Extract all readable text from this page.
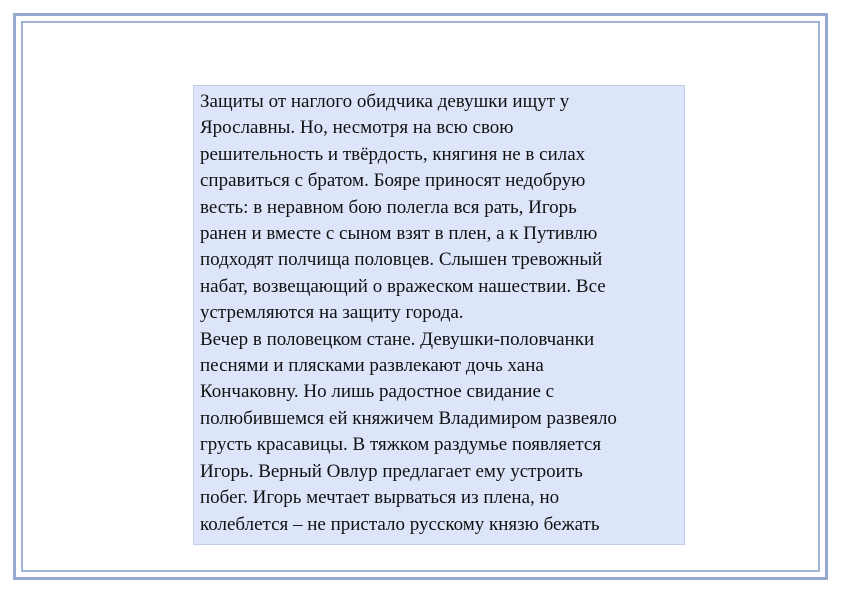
Защиты от наглого обидчика девушки ищут у
Ярославны. Но, несмотря на всю свою
решительность и твёрдость, княгиня не в силах
справиться с братом. Бояре приносят недобрую
весть: в неравном бою полегла вся рать, Игорь
ранен и вместе с сыном взят в плен, а к Путивлю
подходят полчища половцев. Слышен тревожный
набат, возвещающий о вражеском нашествии. Все
устремляются на защиту города.

Вечер в половецком стане. Девушки-половчанки
песнями и плясками развлекают дочь хана
Кончаковну. Но лишь радостное свидание с
полюбившемся ей княжичем Владимиром развеяло
грусть красавицы. В тяжком раздумье появляется
Игорь. Верный Овлур предлагает ему устроить
побег. Игорь мечтает вырваться из плена, но
колеблется – не пристало русскому князю бежать
